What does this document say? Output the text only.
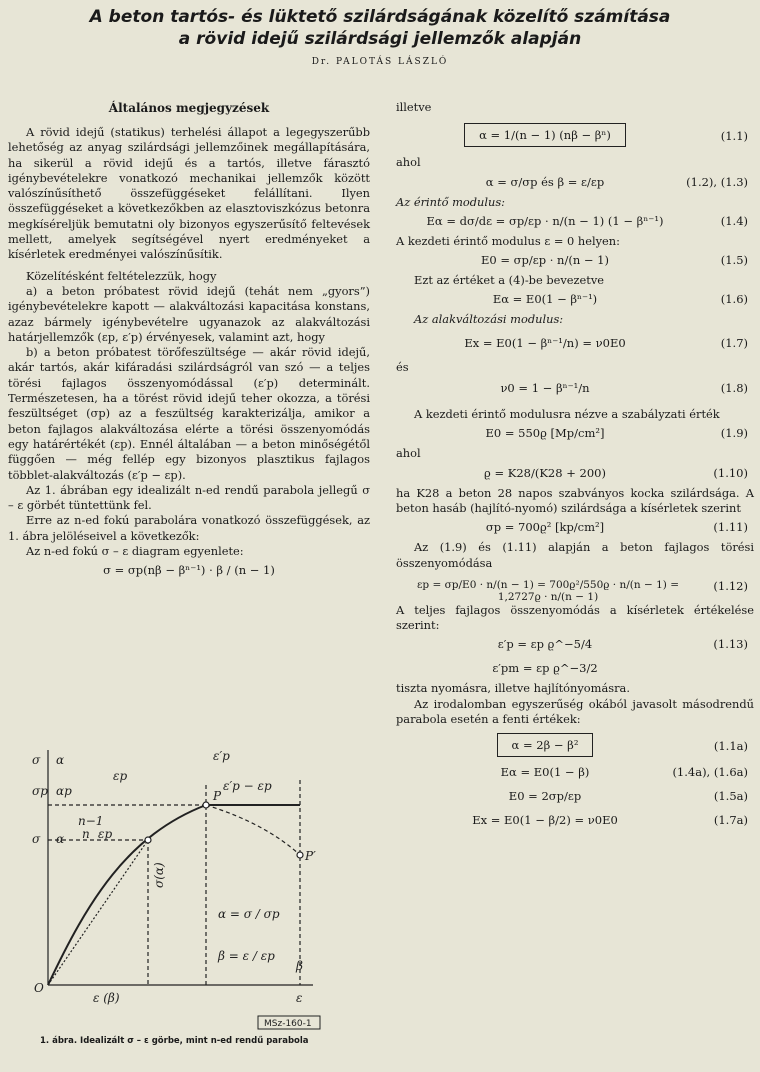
A beton tartós- és lüktető szilárdságának közelítő számítása
a rövid idejű szilárdsági jellemzők alapján
Dr. PALOTÁS LÁSZLÓ
Általános megjegyzések

A rövid idejű (statikus) terhelési állapot a legegyszerűbb lehetőség az anyag szilárdsági jellemzőinek megállapítására, ha sikerül a rövid idejű és a tartós, illetve fárasztó igénybevételekre vonatkozó mechanikai jellemzők között valószínűsíthető összefüggéseket felállítani. Ilyen összefüggéseket a következőkben az elasztoviszkózus betonra megkíséreljük bemutatni oly bizonyos egyszerűsítő feltevések mellett, amelyek segítségével nyert eredményeket a kísérletek eredményei valószínűsítik.

Közelítésként feltételezzük, hogy

a) a beton próbatest rövid idejű (tehát nem „gyors”) igénybevételekre kapott — alakváltozási kapacitása konstans, azaz bármely igénybevételre ugyanazok az alakváltozási határjellemzők (εp, ε′p) érvényesek, valamint azt, hogy

b) a beton próbatest törőfeszültsége — akár rövid idejű, akár tartós, akár kifáradási szilárdságról van szó — a teljes törési fajlagos összenyomódással (ε′p) determinált. Természetesen, ha a törést rövid idejű teher okozza, a törési feszültséget (σp) az a feszültség karakterizálja, amikor a beton fajlagos alakváltozása elérte a törési összenyomódás egy határértékét (εp). Ennél általában — a beton minőségétől függően — még fellép egy bizonyos plasztikus fajlagos többlet-alakváltozás (ε′p − εp).

Az 1. ábrában egy idealizált n-ed rendű parabola jellegű σ – ε görbét tüntettünk fel.

Erre az n-ed fokú parabolára vonatkozó összefüggések, az 1. ábra jelöléseivel a következők:

Az n-ed fokú σ – ε diagram egyenlete:

σ = σp(nβ − βⁿ⁻¹) · β / (n − 1)
σ α
σp αp
σ α
ε′p
εp
ε′p − εp
n−1
n εp
σ(α)
α = σ / σp
β = ε / εp
O
ε (β)
β
ε
P
P′
MSz-160-1
1. ábra. Idealizált σ – ε görbe, mint n-ed rendű parabola
illetve
α = 1/(n − 1) (nβ − βⁿ)	(1.1)
ahol
α = σ/σp és β = ε/εp	(1.2), (1.3)
Az érintő modulus:
Eα = dσ/dε = σp/εp · n/(n − 1) (1 − βⁿ⁻¹)	(1.4)
A kezdeti érintő modulus ε = 0 helyen:
E0 = σp/εp · n/(n − 1)	(1.5)
Ezt az értéket a (4)-be bevezetve
Eα = E0(1 − βⁿ⁻¹)	(1.6)
Az alakváltozási modulus:
Ex = E0(1 − βⁿ⁻¹/n) = ν0E0	(1.7)
és
ν0 = 1 − βⁿ⁻¹/n	(1.8)

A kezdeti érintő modulusra nézve a szabályzati érték

E0 = 550ϱ [Mp/cm²]	(1.9)
ahol
ϱ = K28/(K28 + 200)	(1.10)

ha K28 a beton 28 napos szabványos kocka szilárdsága. A beton hasáb (hajlító-nyomó) szilárdsága a kísérletek szerint

σp = 700ϱ² [kp/cm²]	(1.11)

Az (1.9) és (1.11) alapján a beton fajlagos törési összenyomódása

εp = σp/E0 · n/(n − 1) = 700ϱ²/550ϱ · n/(n − 1) = 1,2727ϱ · n/(n − 1)
(1.12)

A teljes fajlagos összenyomódás a kísérletek értékelése szerint:

ε′p = εp ϱ^−5/4	(1.13)
ε′pm = εp ϱ^−3/2
tiszta nyomásra, illetve hajlítónyomásra.

Az irodalomban egyszerűség okából javasolt másodrendű parabola esetén a fenti értékek:

α = 2β − β²	(1.1a)
Eα = E0(1 − β)	(1.4a), (1.6a)
E0 = 2σp/εp	(1.5a)
Ex = E0(1 − β/2) = ν0E0	(1.7a)
